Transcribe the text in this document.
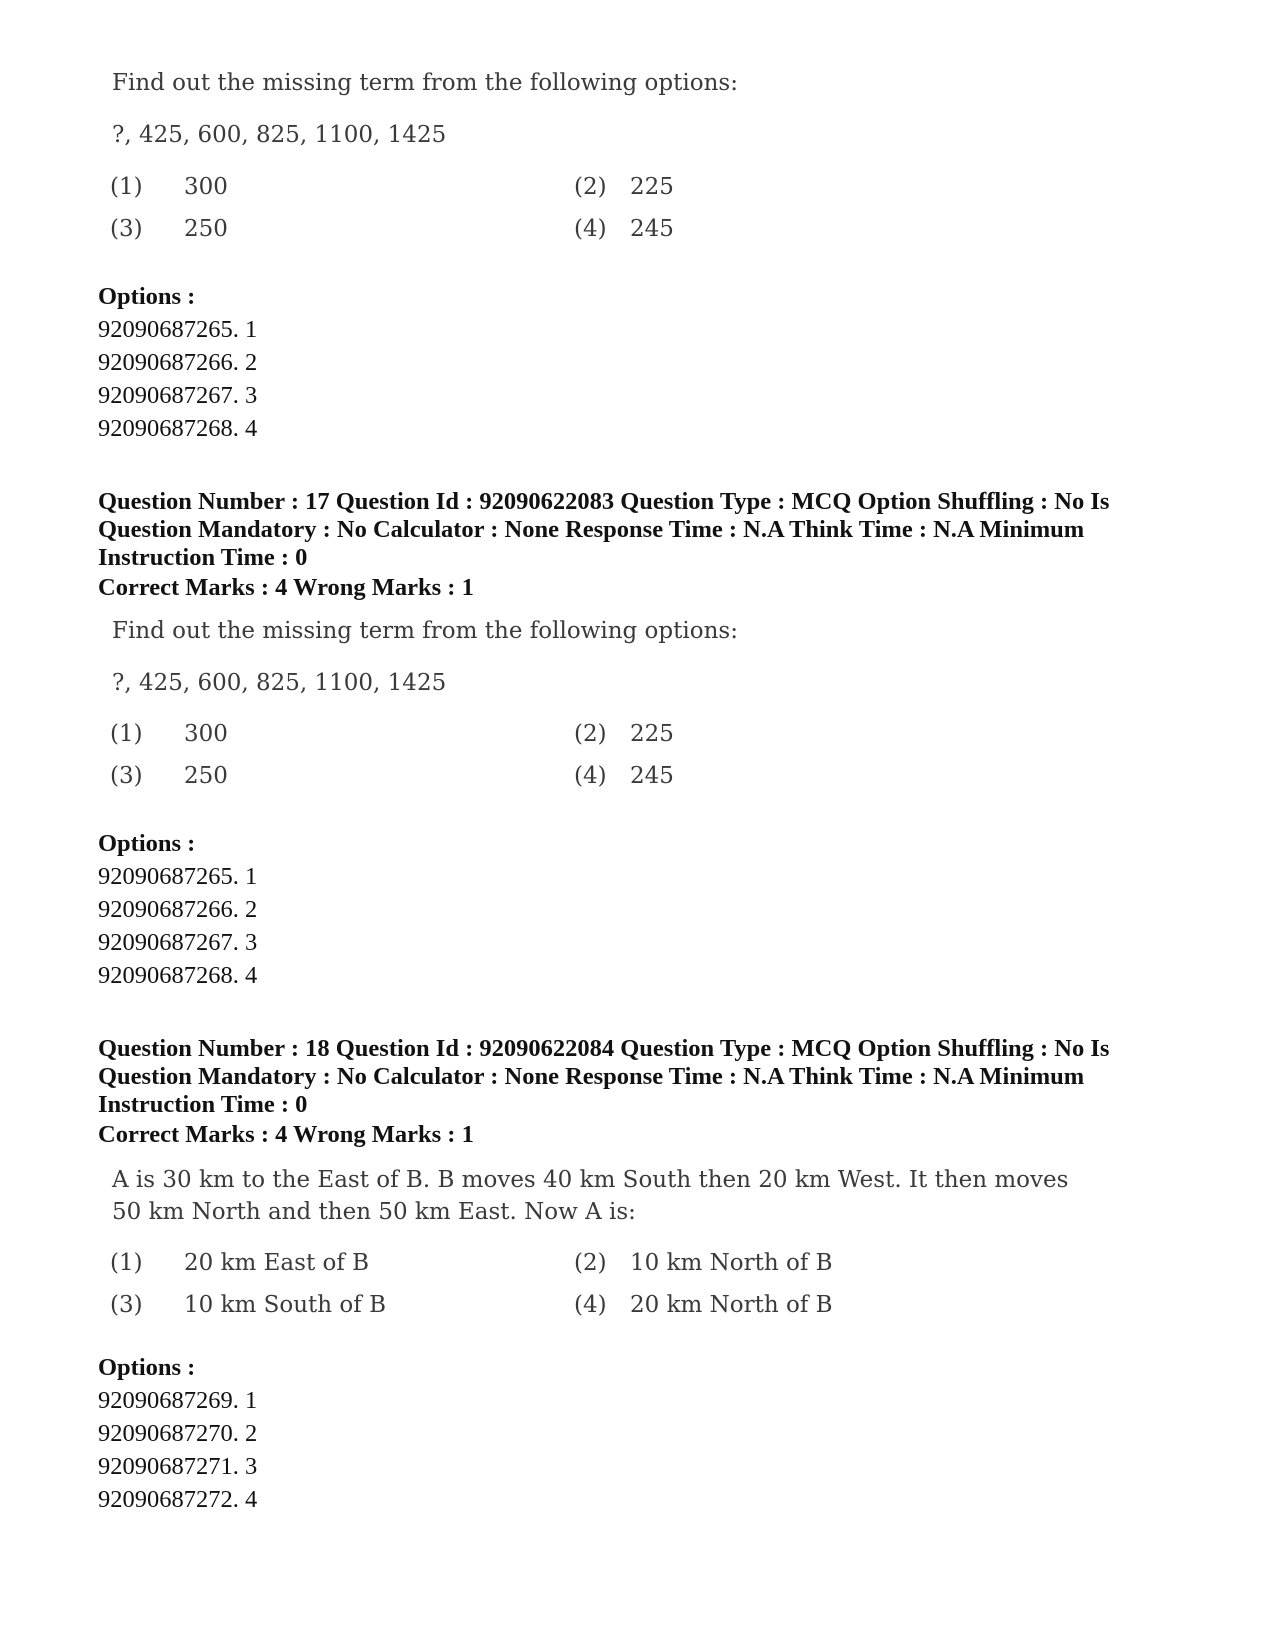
Find out the missing term from the following options:
?, 425, 600, 825, 1100, 1425
(1) 300	(2) 225
(3) 250	(4) 245
Options :
92090687265. 1
92090687266. 2
92090687267. 3
92090687268. 4
Question Number : 17 Question Id : 92090622083 Question Type : MCQ Option Shuffling : No Is Question Mandatory : No Calculator : None Response Time : N.A Think Time : N.A Minimum Instruction Time : 0
Correct Marks : 4 Wrong Marks : 1
Find out the missing term from the following options:
?, 425, 600, 825, 1100, 1425
(1) 300	(2) 225
(3) 250	(4) 245
Options :
92090687265. 1
92090687266. 2
92090687267. 3
92090687268. 4
Question Number : 18 Question Id : 92090622084 Question Type : MCQ Option Shuffling : No Is Question Mandatory : No Calculator : None Response Time : N.A Think Time : N.A Minimum Instruction Time : 0
Correct Marks : 4 Wrong Marks : 1
A is 30 km to the East of B. B moves 40 km South then 20 km West. It then moves
50 km North and then 50 km East. Now A is:
(1) 20 km East of B	(2) 10 km North of B
(3) 10 km South of B	(4) 20 km North of B
Options :
92090687269. 1
92090687270. 2
92090687271. 3
92090687272. 4
